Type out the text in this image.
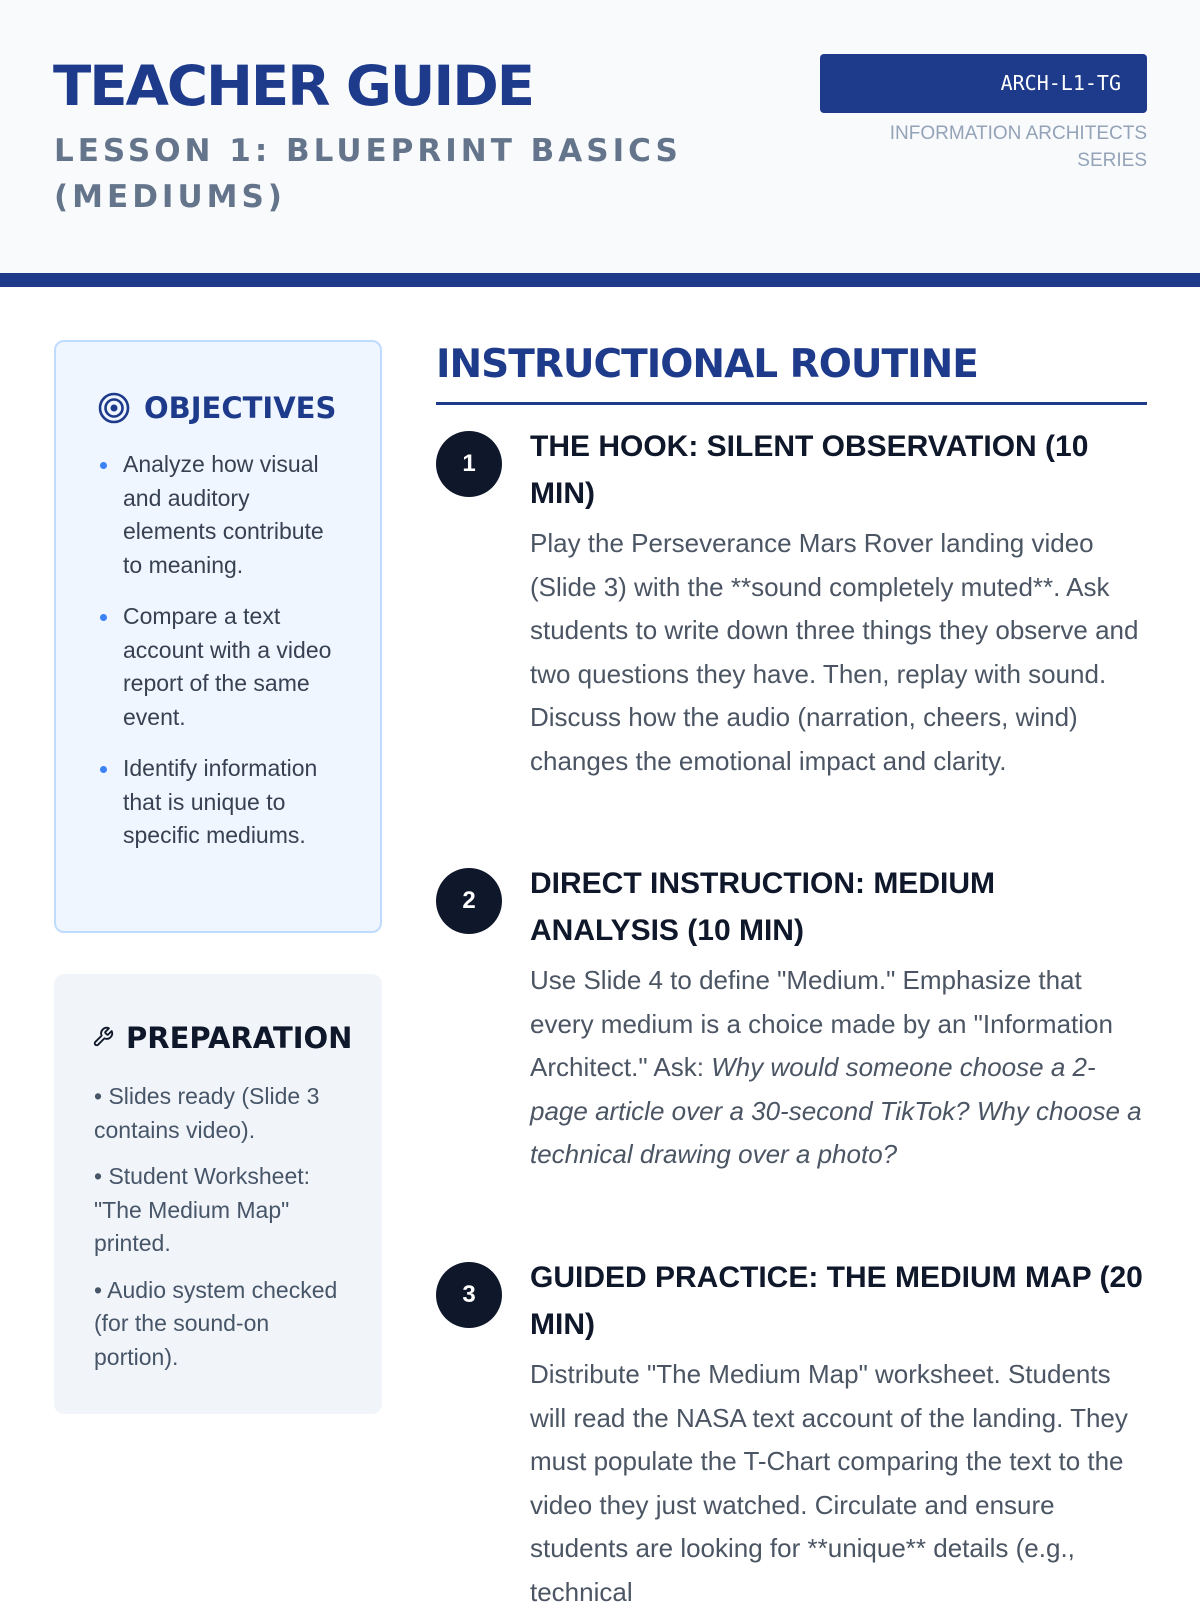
TEACHER GUIDE
LESSON 1: BLUEPRINT BASICS (MEDIUMS)
ARCH-L1-TG
INFORMATION ARCHITECTS SERIES
OBJECTIVES
Analyze how visual and auditory elements contribute to meaning.
Compare a text account with a video report of the same event.
Identify information that is unique to specific mediums.
PREPARATION
• Slides ready (Slide 3 contains video).
• Student Worksheet: "The Medium Map" printed.
• Audio system checked (for the sound-on portion).
INSTRUCTIONAL ROUTINE
1
THE HOOK: SILENT OBSERVATION (10 MIN)

Play the Perseverance Mars Rover landing video (Slide 3) with the **sound completely muted**. Ask students to write down three things they observe and two questions they have. Then, replay with sound. Discuss how the audio (narration, cheers, wind) changes the emotional impact and clarity.

2
DIRECT INSTRUCTION: MEDIUM ANALYSIS (10 MIN)

Use Slide 4 to define "Medium." Emphasize that every medium is a choice made by an "Information Architect." Ask: Why would someone choose a 2-page article over a 30-second TikTok? Why choose a technical drawing over a photo?

3
GUIDED PRACTICE: THE MEDIUM MAP (20 MIN)

Distribute "The Medium Map" worksheet. Students will read the NASA text account of the landing. They must populate the T-Chart comparing the text to the video they just watched. Circulate and ensure students are looking for **unique** details (e.g., technical
